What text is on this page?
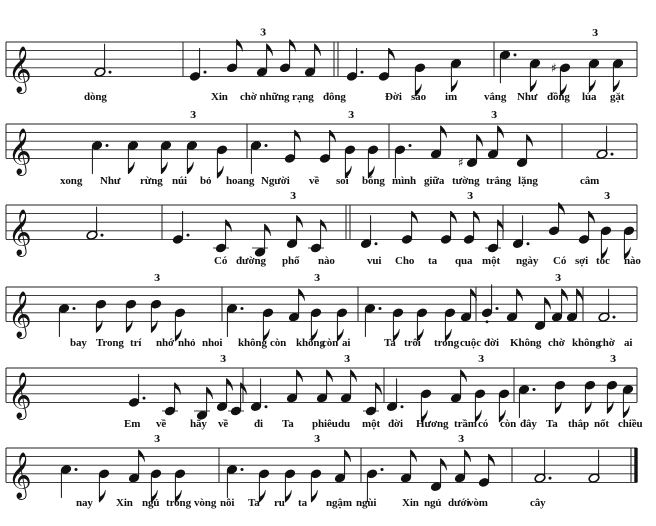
𝄞	♯
3	3
𝄞	♯
3	3	3
𝄞
3	3	3
𝄞
3	3	3
𝄞
3	3	3	3
𝄞
3	3	3
dòng	Xin chờ những rạng đông	Đời sao im vắng Như đồng lúa gặt
xong Như rừng núi bỏ hoang Người về soi bóng mình giữa tường trắng lặng	câm
Có đường phố nào	vui Cho ta qua một ngày Có sợi tóc nào
bay Trong trí nhớ nhỏ nhoi không còn không
còn ai	Ta trôi trong cuộc đời Không chờ không
chờ ai
Em về hãy về đi Ta phiêu du một đời Hương trầm có còn đây Ta thắp nốt chiều
nay Xin ngủ trong vòng nôi Ta ru ta ngậm ngùi Xin ngủ dưới
vòm	cây
